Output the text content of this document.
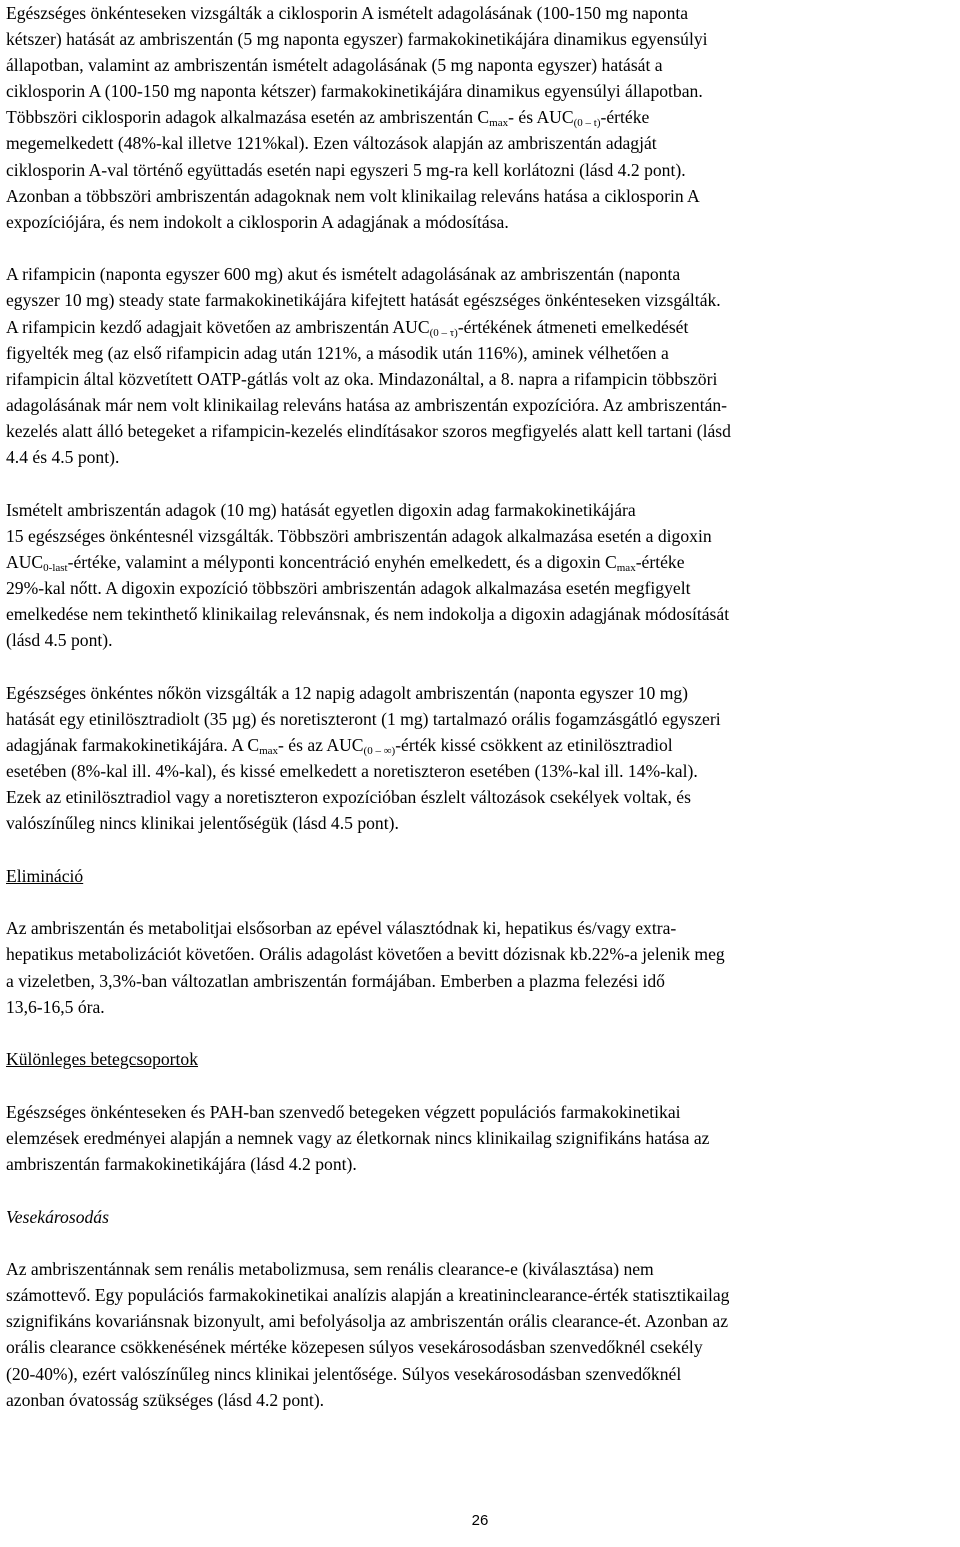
Egészséges önkénteseken vizsgálták a ciklosporin A ismételt adagolásának (100-150 mg naponta
kétszer) hatását az ambriszentán (5 mg naponta egyszer) farmakokinetikájára dinamikus egyensúlyi
állapotban, valamint az ambriszentán ismételt adagolásának (5 mg naponta egyszer) hatását a
ciklosporin A (100-150 mg naponta kétszer) farmakokinetikájára dinamikus egyensúlyi állapotban.
Többszöri ciklosporin adagok alkalmazása esetén az ambriszentán $C_{max}-$ és $AUC_{(0 - t)}$-értéke
megemelkedett (48%-kal illetve 121%kal). Ezen változások alapján az ambriszentán adagját
ciklosporin A-val történő együttadás esetén napi egyszeri 5 mg-ra kell korlátozni (lásd 4.2 pont).
Azonban a többszöri ambriszentán adagoknak nem volt klinikailag releváns hatása a ciklosporin A
expozíciójára, és nem indokolt a ciklosporin A adagjának a módosítása.
A rifampicin (naponta egyszer 600 mg) akut és ismételt adagolásának az ambriszentán (naponta
egyszer 10 mg) steady state farmakokinetikájára kifejtett hatását egészséges önkénteseken vizsgálták.
A rifampicin kezdő adagjait követően az ambriszentán $AUC_{(0 - \tau)}$-értékének átmeneti emelkedését
figyelték meg (az első rifampicin adag után 121%, a második után 116%), aminek vélhetően a
rifampicin által közvetített OATP-gátlás volt az oka. Mindazonáltal, a 8. napra a rifampicin többszöri
adagolásának már nem volt klinikailag releváns hatása az ambriszentán expozícióra. Az ambriszentán-
kezelés alatt álló betegeket a rifampicin-kezelés elindításakor szoros megfigyelés alatt kell tartani (lásd
4.4 és 4.5 pont).
Ismételt ambriszentán adagok (10 mg) hatását egyetlen digoxin adag farmakokinetikájára
15 egészséges önkéntesnél vizsgálták. Többszöri ambriszentán adagok alkalmazása esetén a digoxin
$AUC_{0-last}$-értéke, valamint a mélyponti koncentráció enyhén emelkedett, és a digoxin $C_{max}$-értéke
29%-kal nőtt. A digoxin expozíció többszöri ambriszentán adagok alkalmazása esetén megfigyelt
emelkedése nem tekinthető klinikailag relevánsnak, és nem indokolja a digoxin adagjának módosítását
(lásd 4.5 pont).
Egészséges önkéntes nőkön vizsgálták a 12 napig adagolt ambriszentán (naponta egyszer 10 mg)
hatását egy etinilösztradiolt (35 µg) és noretiszteront (1 mg) tartalmazó orális fogamzásgátló egyszeri
adagjának farmakokinetikájára. A $C_{max}-$ és az $AUC_{(0 - \infty)}$-érték kissé csökkent az etinilösztradiol
esetében (8%-kal ill. 4%-kal), és kissé emelkedett a noretiszteron esetében (13%-kal ill. 14%-kal).
Ezek az etinilösztradiol vagy a noretiszteron expozícióban észlelt változások csekélyek voltak, és
valószínűleg nincs klinikai jelentőségük (lásd 4.5 pont).
Elimináció
Az ambriszentán és metabolitjai elsősorban az epével választódnak ki, hepatikus és/vagy extra-
hepatikus metabolizációt követően. Orális adagolást követően a bevitt dózisnak kb.22%-a jelenik meg
a vizeletben, 3,3%-ban változatlan ambriszentán formájában. Emberben a plazma felezési idő
13,6-16,5 óra.
Különleges betegcsoportok
Egészséges önkénteseken és PAH-ban szenvedő betegeken végzett populációs farmakokinetikai
elemzések eredményei alapján a nemnek vagy az életkornak nincs klinikailag szignifikáns hatása az
ambriszentán farmakokinetikájára (lásd 4.2 pont).
Vesekárosodás
Az ambriszentánnak sem renális metabolizmusa, sem renális clearance-e (kiválasztása) nem
számottevő. Egy populációs farmakokinetikai analízis alapján a kreatininclearance-érték statisztikailag
szignifikáns kovariánsnak bizonyult, ami befolyásolja az ambriszentán orális clearance-ét. Azonban az
orális clearance csökkenésének mértéke közepesen súlyos vesekárosodásban szenvedőknél csekély
(20-40%), ezért valószínűleg nincs klinikai jelentősége. Súlyos vesekárosodásban szenvedőknél
azonban óvatosság szükséges (lásd 4.2 pont).
26
